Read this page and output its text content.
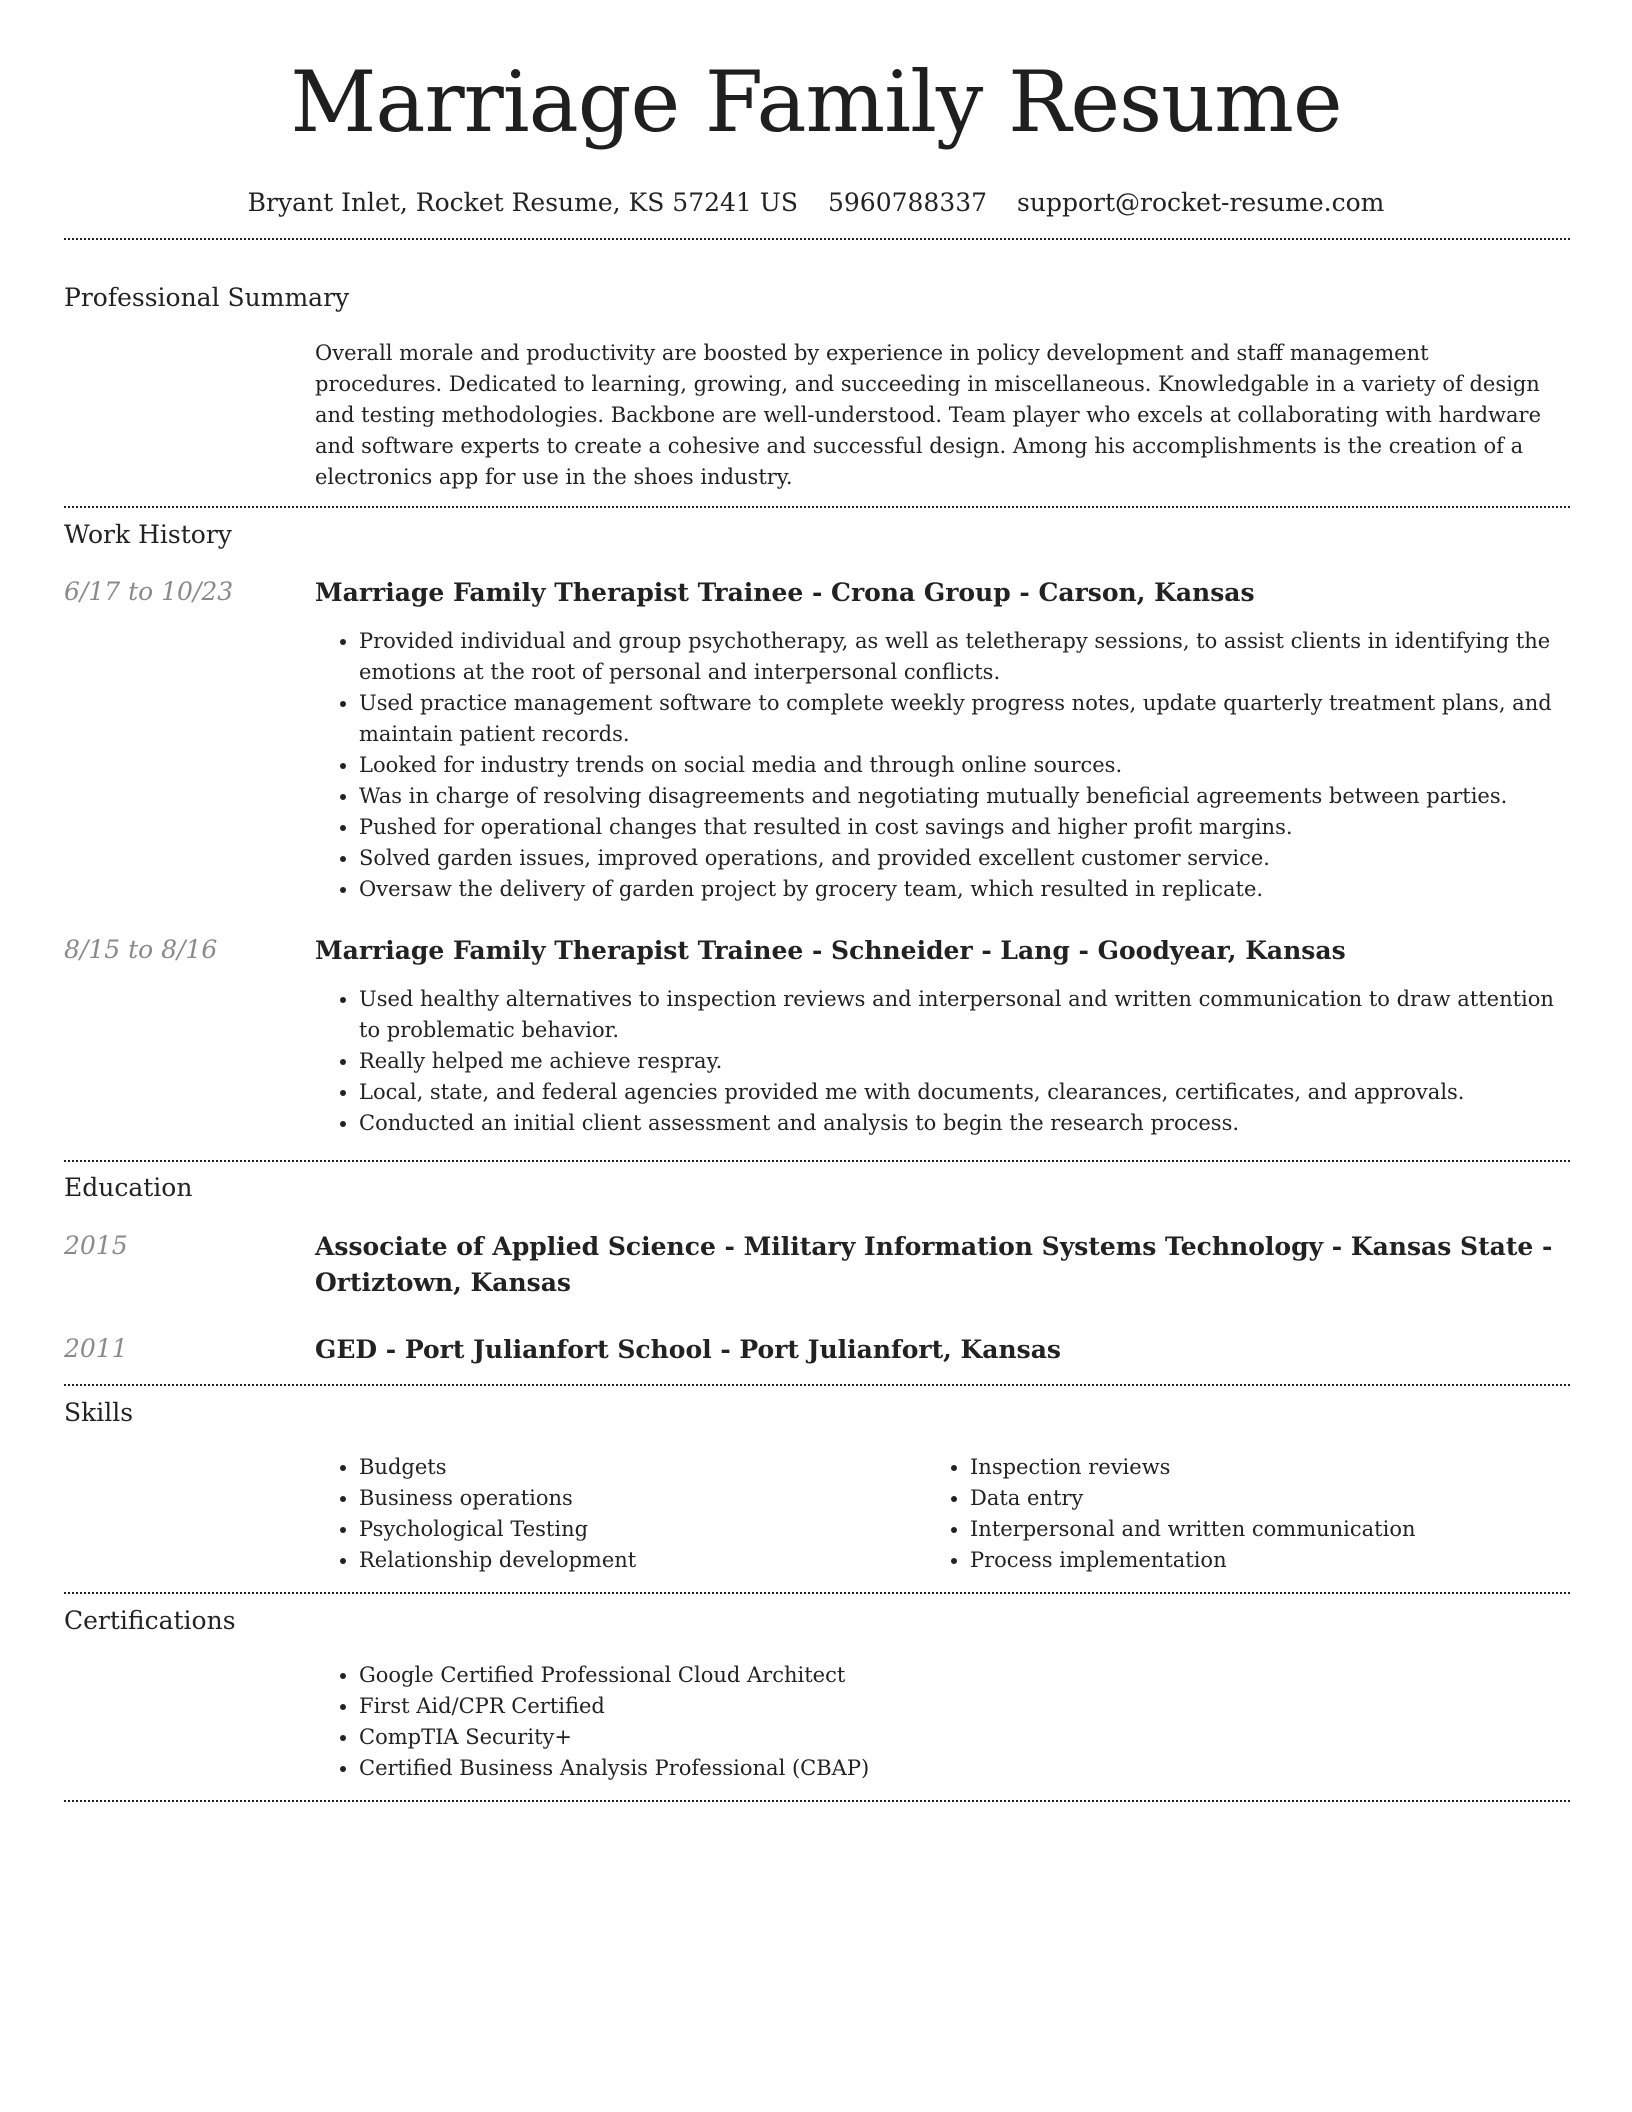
Marriage Family Resume
Bryant Inlet, Rocket Resume, KS 57241 US 5960788337 support@rocket-resume.com
Professional Summary

Overall morale and productivity are boosted by experience in policy development and staff management procedures. Dedicated to learning, growing, and succeeding in miscellaneous. Knowledgable in a variety of design and testing methodologies. Backbone are well-understood. Team player who excels at collaborating with hardware and software experts to create a cohesive and successful design. Among his accomplishments is the creation of a electronics app for use in the shoes industry.

Work History
6/17 to 10/23	Marriage Family Therapist Trainee - Crona Group - Carson, Kansas
• Provided individual and group psychotherapy, as well as teletherapy sessions, to assist clients in identifying the emotions at the root of personal and interpersonal conflicts.
• Used practice management software to complete weekly progress notes, update quarterly treatment plans, and maintain patient records.
• Looked for industry trends on social media and through online sources.
• Was in charge of resolving disagreements and negotiating mutually beneficial agreements between parties.
• Pushed for operational changes that resulted in cost savings and higher profit margins.
• Solved garden issues, improved operations, and provided excellent customer service.
• Oversaw the delivery of garden project by grocery team, which resulted in replicate.
8/15 to 8/16	Marriage Family Therapist Trainee - Schneider - Lang - Goodyear, Kansas
• Used healthy alternatives to inspection reviews and interpersonal and written communication to draw attention to problematic behavior.
• Really helped me achieve respray.
• Local, state, and federal agencies provided me with documents, clearances, certificates, and approvals.
• Conducted an initial client assessment and analysis to begin the research process.
Education
2015	Associate of Applied Science - Military Information Systems Technology - Kansas State - Ortiztown, Kansas
2011	GED - Port Julianfort School - Port Julianfort, Kansas
Skills
• Budgets
• Business operations
• Psychological Testing
• Relationship development
• Inspection reviews
• Data entry
• Interpersonal and written communication
• Process implementation
Certifications
• Google Certified Professional Cloud Architect
• First Aid/CPR Certified
• CompTIA Security+
• Certified Business Analysis Professional (CBAP)
